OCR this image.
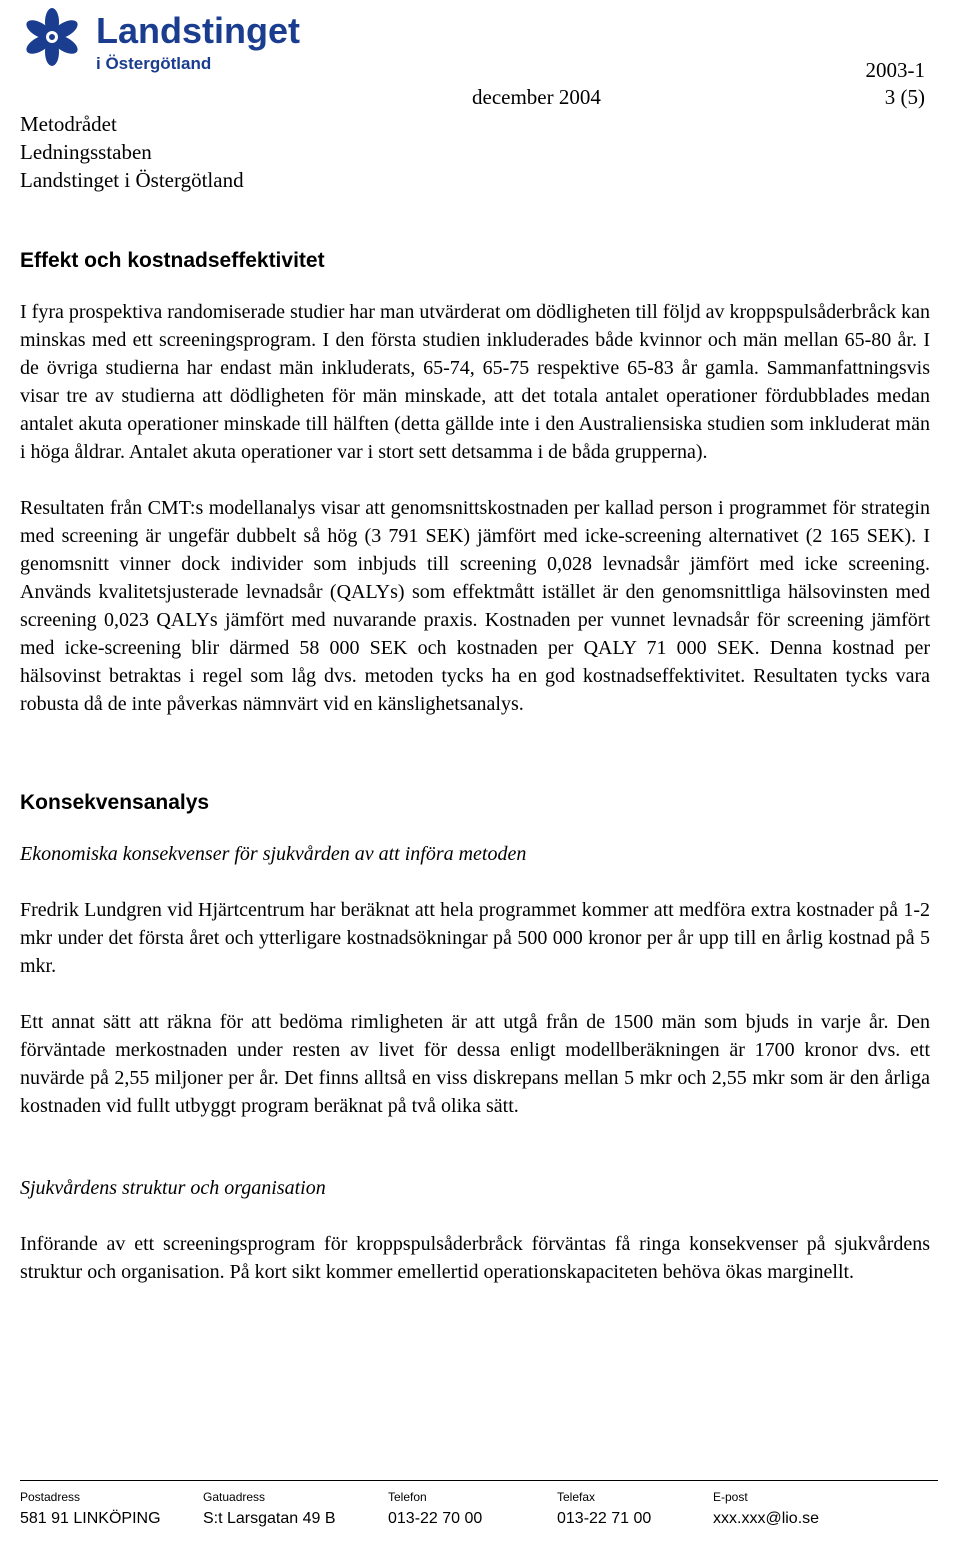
Landstinget
i Östergötland	2003-1
december 2004	3 (5)
Metodrådet
Ledningsstaben
Landstinget i Östergötland
Effekt och kostnadseffektivitet

I fyra prospektiva randomiserade studier har man utvärderat om dödligheten till följd av kroppspulsåderbråck kan minskas med ett screeningsprogram. I den första studien inkluderades både kvinnor och män mellan 65-80 år. I de övriga studierna har endast män inkluderats, 65-74, 65-75 respektive 65-83 år gamla. Sammanfattningsvis visar tre av studierna att dödligheten för män minskade, att det totala antalet operationer fördubblades medan antalet akuta operationer minskade till hälften (detta gällde inte i den Australiensiska studien som inkluderat män i höga åldrar. Antalet akuta operationer var i stort sett detsamma i de båda grupperna).

Resultaten från CMT:s modellanalys visar att genomsnittskostnaden per kallad person i programmet för strategin med screening är ungefär dubbelt så hög (3 791 SEK) jämfört med icke-screening alternativet (2 165 SEK). I genomsnitt vinner dock individer som inbjuds till screening 0,028 levnadsår jämfört med icke screening. Används kvalitetsjusterade levnadsår (QALYs) som effektmått istället är den genomsnittliga hälsovinsten med screening 0,023 QALYs jämfört med nuvarande praxis. Kostnaden per vunnet levnadsår för screening jämfört med icke-screening blir därmed 58 000 SEK och kostnaden per QALY 71 000 SEK. Denna kostnad per hälsovinst betraktas i regel som låg dvs. metoden tycks ha en god kostnadseffektivitet. Resultaten tycks vara robusta då de inte påverkas nämnvärt vid en känslighetsanalys.

Konsekvensanalys

Ekonomiska konsekvenser för sjukvården av att införa metoden

Fredrik Lundgren vid Hjärtcentrum har beräknat att hela programmet kommer att medföra extra kostnader på 1-2 mkr under det första året och ytterligare kostnadsökningar på 500 000 kronor per år upp till en årlig kostnad på 5 mkr.

Ett annat sätt att räkna för att bedöma rimligheten är att utgå från de 1500 män som bjuds in varje år. Den förväntade merkostnaden under resten av livet för dessa enligt modellberäkningen är 1700 kronor dvs. ett nuvärde på 2,55 miljoner per år. Det finns alltså en viss diskrepans mellan 5 mkr och 2,55 mkr som är den årliga kostnaden vid fullt utbyggt program beräknat på två olika sätt.

Sjukvårdens struktur och organisation

Införande av ett screeningsprogram för kroppspulsåderbråck förväntas få ringa konsekvenser på sjukvårdens struktur och organisation. På kort sikt kommer emellertid operationskapaciteten behöva ökas marginellt.

Postadress
581 91 LINKÖPING
Gatuadress
S:t Larsgatan 49 B
Telefon
013-22 70 00
Telefax
013-22 71 00
E-post
xxx.xxx@lio.se
